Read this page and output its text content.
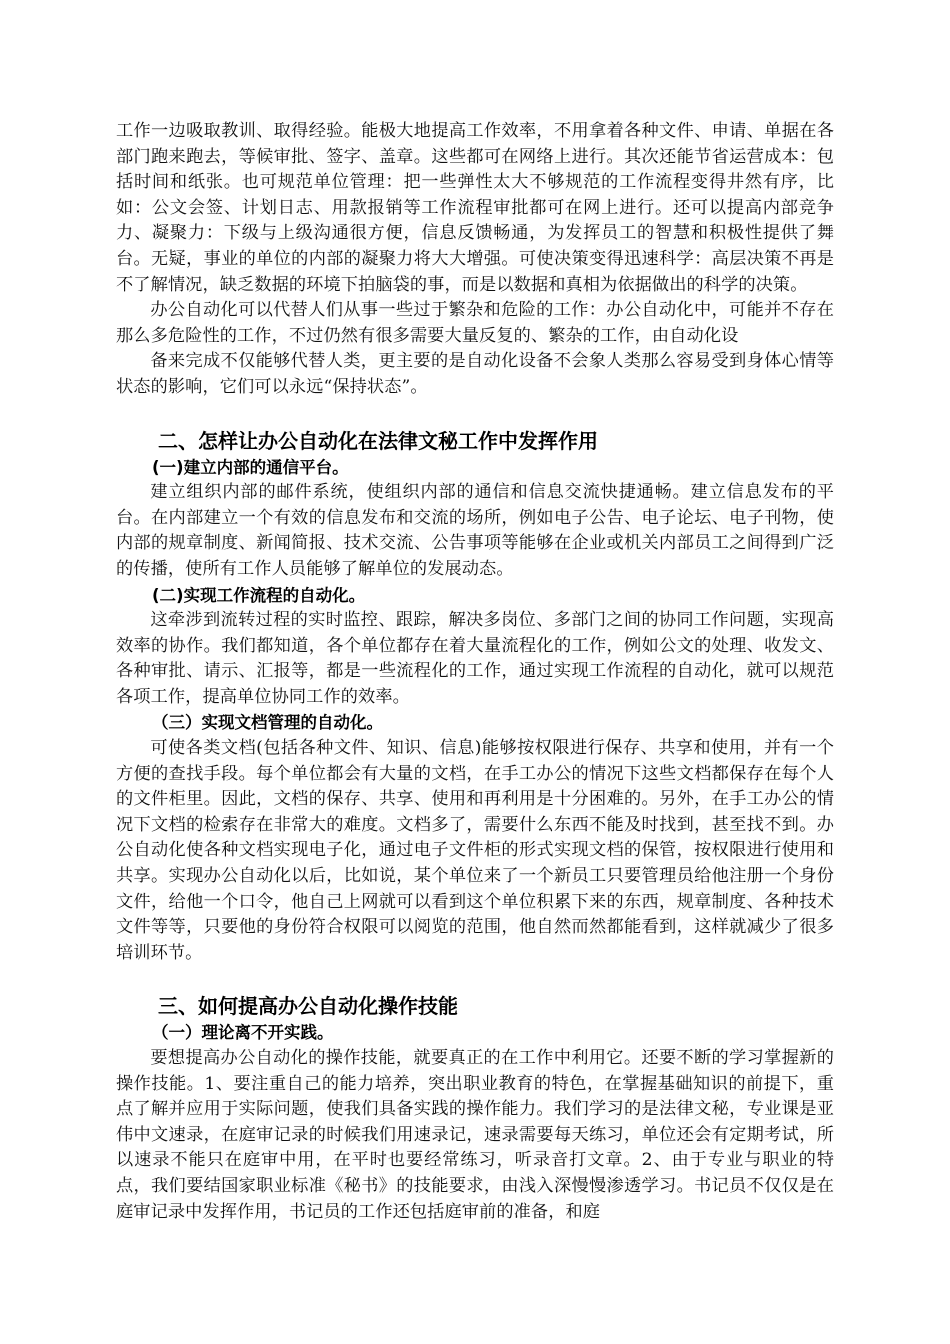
工作一边吸取教训、取得经验。能极大地提高工作效率，不用拿着各种文件、申请、单据在各部门跑来跑去，等候审批、签字、盖章。这些都可在网络上进行。其次还能节省运营成本：包括时间和纸张。也可规范单位管理：把一些弹性太大不够规范的工作流程变得井然有序，比如：公文会签、计划日志、用款报销等工作流程审批都可在网上进行。还可以提高内部竞争力、凝聚力：下级与上级沟通很方便，信息反馈畅通，为发挥员工的智慧和积极性提供了舞台。无疑，事业的单位的内部的凝聚力将大大增强。可使决策变得迅速科学：高层决策不再是不了解情况，缺乏数据的环境下拍脑袋的事，而是以数据和真相为依据做出的科学的决策。

办公自动化可以代替人们从事一些过于繁杂和危险的工作：办公自动化中，可能并不存在那么多危险性的工作，不过仍然有很多需要大量反复的、繁杂的工作，由自动化设

备来完成不仅能够代替人类，更主要的是自动化设备不会象人类那么容易受到身体心情等状态的影响，它们可以永远“保持状态”。

二、怎样让办公自动化在法律文秘工作中发挥作用
(一)建立内部的通信平台。

建立组织内部的邮件系统，使组织内部的通信和信息交流快捷通畅。建立信息发布的平台。在内部建立一个有效的信息发布和交流的场所，例如电子公告、电子论坛、电子刊物，使内部的规章制度、新闻简报、技术交流、公告事项等能够在企业或机关内部员工之间得到广泛的传播，使所有工作人员能够了解单位的发展动态。

(二)实现工作流程的自动化。

这牵涉到流转过程的实时监控、跟踪，解决多岗位、多部门之间的协同工作问题，实现高效率的协作。我们都知道，各个单位都存在着大量流程化的工作，例如公文的处理、收发文、各种审批、请示、汇报等，都是一些流程化的工作，通过实现工作流程的自动化，就可以规范各项工作，提高单位协同工作的效率。

（三）实现文档管理的自动化。

可使各类文档(包括各种文件、知识、信息)能够按权限进行保存、共享和使用，并有一个方便的查找手段。每个单位都会有大量的文档，在手工办公的情况下这些文档都保存在每个人的文件柜里。因此，文档的保存、共享、使用和再利用是十分困难的。另外，在手工办公的情况下文档的检索存在非常大的难度。文档多了，需要什么东西不能及时找到，甚至找不到。办公自动化使各种文档实现电子化，通过电子文件柜的形式实现文档的保管，按权限进行使用和共享。实现办公自动化以后，比如说，某个单位来了一个新员工只要管理员给他注册一个身份文件，给他一个口令，他自己上网就可以看到这个单位积累下来的东西，规章制度、各种技术文件等等，只要他的身份符合权限可以阅览的范围，他自然而然都能看到，这样就减少了很多培训环节。

三、如何提高办公自动化操作技能
（一）理论离不开实践。

要想提高办公自动化的操作技能，就要真正的在工作中利用它。还要不断的学习掌握新的操作技能。1、要注重自己的能力培养，突出职业教育的特色，在掌握基础知识的前提下，重点了解并应用于实际问题，使我们具备实践的操作能力。我们学习的是法律文秘，专业课是亚伟中文速录，在庭审记录的时候我们用速录记，速录需要每天练习，单位还会有定期考试，所以速录不能只在庭审中用，在平时也要经常练习，听录音打文章。2、由于专业与职业的特点，我们要结国家职业标准《秘书》的技能要求，由浅入深慢慢渗透学习。书记员不仅仅是在庭审记录中发挥作用，书记员的工作还包括庭审前的准备，和庭
